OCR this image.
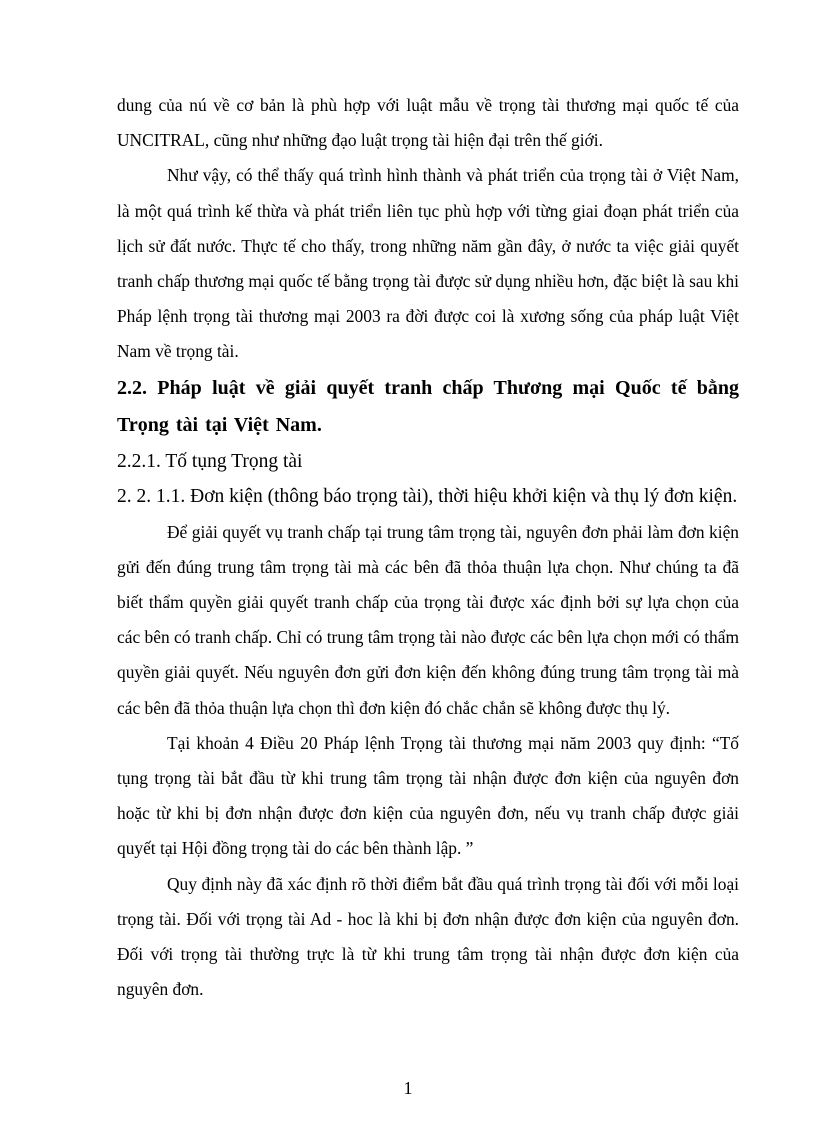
dung của nú về cơ bản là phù hợp với luật mẫu về trọng tài thương mại quốc tế của UNCITRAL, cũng như những đạo luật trọng tài hiện đại trên thế giới.

Như vậy, có thể thấy quá trình hình thành và phát triển của trọng tài ở Việt Nam, là một quá trình kế thừa và phát triển liên tục phù hợp với từng giai đoạn phát triển của lịch sử đất nước. Thực tế cho thấy, trong những năm gần đây, ở nước ta việc giải quyết tranh chấp thương mại quốc tế bằng trọng tài được sử dụng nhiều hơn, đặc biệt là sau khi Pháp lệnh trọng tài thương mại 2003 ra đời được coi là xương sống của pháp luật Việt Nam về trọng tài.

2.2. Pháp luật về giải quyết tranh chấp Thương mại Quốc tế bằng Trọng tài tại Việt Nam.

2.2.1. Tố tụng Trọng tài

2. 2. 1.1. Đơn kiện (thông báo trọng tài), thời hiệu khởi kiện và thụ lý đơn kiện.

Để giải quyết vụ tranh chấp tại trung tâm trọng tài, nguyên đơn phải làm đơn kiện gửi đến đúng trung tâm trọng tài mà các bên đã thỏa thuận lựa chọn. Như chúng ta đã biết thẩm quyền giải quyết tranh chấp của trọng tài được xác định bởi sự lựa chọn của các bên có tranh chấp. Chỉ có trung tâm trọng tài nào được các bên lựa chọn mới có thẩm quyền giải quyết. Nếu nguyên đơn gửi đơn kiện đến không đúng trung tâm trọng tài mà các bên đã thỏa thuận lựa chọn thì đơn kiện đó chắc chắn sẽ không được thụ lý.

Tại khoản 4 Điều 20 Pháp lệnh Trọng tài thương mại năm 2003 quy định: “Tố tụng trọng tài bắt đầu từ khi trung tâm trọng tài nhận được đơn kiện của nguyên đơn hoặc từ khi bị đơn nhận được đơn kiện của nguyên đơn, nếu vụ tranh chấp được giải quyết tại Hội đồng trọng tài do các bên thành lập. ”

Quy định này đã xác định rõ thời điểm bắt đầu quá trình trọng tài đối với mỗi loại trọng tài. Đối với trọng tài Ad - hoc là khi bị đơn nhận được đơn kiện của nguyên đơn. Đối với trọng tài thường trực là từ khi trung tâm trọng tài nhận được đơn kiện của nguyên đơn.

1
